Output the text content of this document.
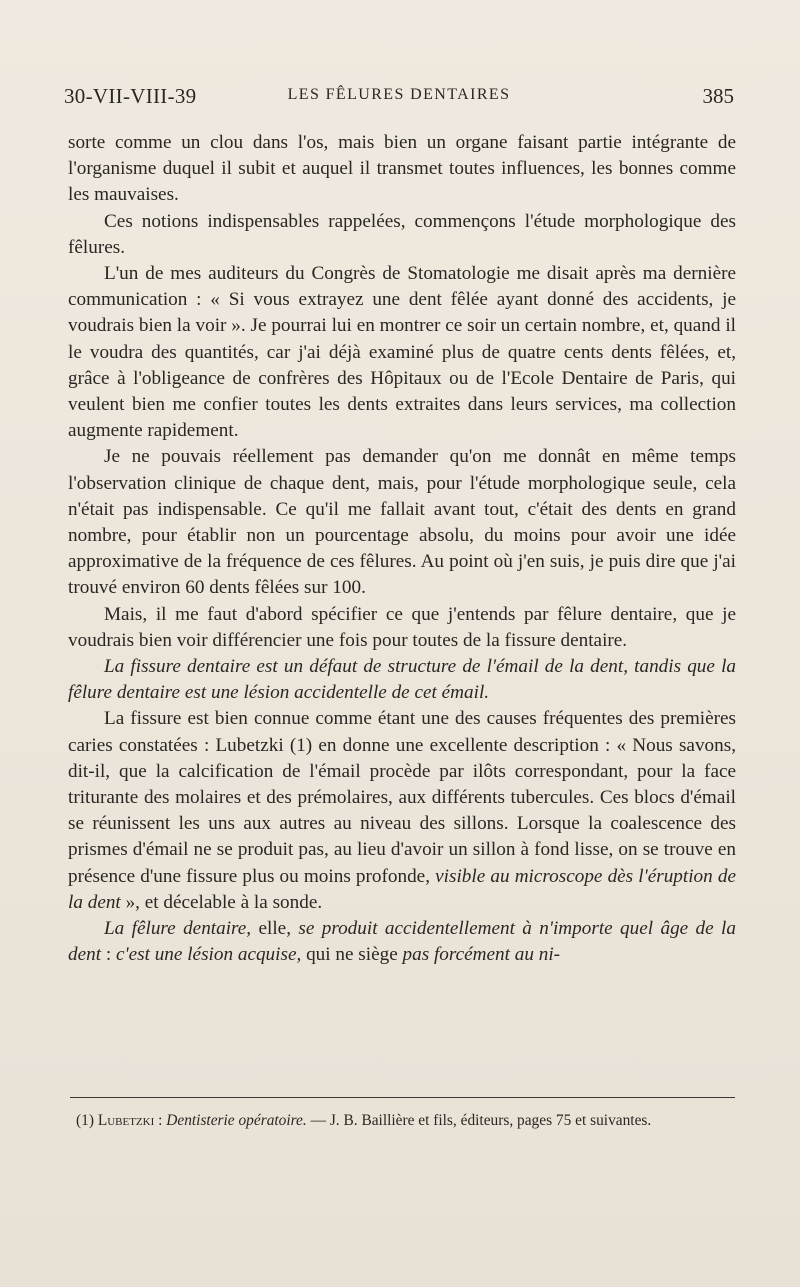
30-VII-VIII-39	LES FÊLURES DENTAIRES	385

sorte comme un clou dans l'os, mais bien un organe faisant partie intégrante de l'organisme duquel il subit et auquel il transmet toutes influences, les bonnes comme les mauvaises.

Ces notions indispensables rappelées, commençons l'étude morphologique des fêlures.

L'un de mes auditeurs du Congrès de Stomatologie me disait après ma dernière communication : « Si vous extrayez une dent fêlée ayant donné des accidents, je voudrais bien la voir ». Je pourrai lui en montrer ce soir un certain nombre, et, quand il le voudra des quantités, car j'ai déjà examiné plus de quatre cents dents fêlées, et, grâce à l'obligeance de confrères des Hôpitaux ou de l'Ecole Dentaire de Paris, qui veulent bien me confier toutes les dents extraites dans leurs services, ma collection augmente rapidement.

Je ne pouvais réellement pas demander qu'on me donnât en même temps l'observation clinique de chaque dent, mais, pour l'étude morphologique seule, cela n'était pas indispensable. Ce qu'il me fallait avant tout, c'était des dents en grand nombre, pour établir non un pourcentage absolu, du moins pour avoir une idée approximative de la fréquence de ces fêlures. Au point où j'en suis, je puis dire que j'ai trouvé environ 60 dents fêlées sur 100.

Mais, il me faut d'abord spécifier ce que j'entends par fêlure dentaire, que je voudrais bien voir différencier une fois pour toutes de la fissure dentaire.

La fissure dentaire est un défaut de structure de l'émail de la dent, tandis que la fêlure dentaire est une lésion accidentelle de cet émail.

La fissure est bien connue comme étant une des causes fréquentes des premières caries constatées : Lubetzki (1) en donne une excellente description : « Nous savons, dit-il, que la calcification de l'émail procède par ilôts correspondant, pour la face triturante des molaires et des prémolaires, aux différents tubercules. Ces blocs d'émail se réunissent les uns aux autres au niveau des sillons. Lorsque la coalescence des prismes d'émail ne se produit pas, au lieu d'avoir un sillon à fond lisse, on se trouve en présence d'une fissure plus ou moins profonde, visible au microscope dès l'éruption de la dent », et décelable à la sonde.

La fêlure dentaire, elle, se produit accidentellement à n'importe quel âge de la dent : c'est une lésion acquise, qui ne siège pas forcément au ni-

(1) Lubetzki : Dentisterie opératoire. — J. B. Baillière et fils, éditeurs, pages 75 et suivantes.
